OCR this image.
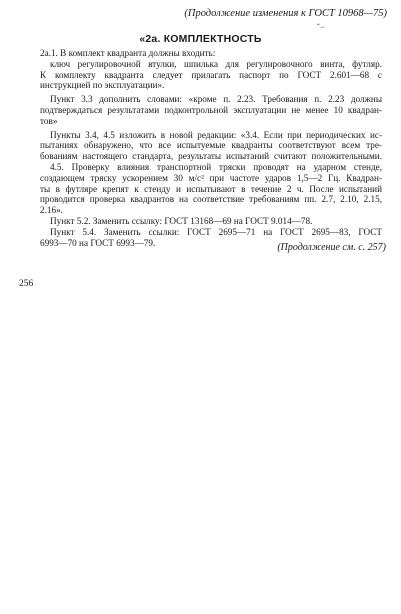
(Продолжение изменения к ГОСТ 10968—75)
ˇ−
«2а. КОМПЛЕКТНОСТЬ
2а.1. В комплект квадранта должны входить:
ключ регулировочной втулки, шпилька для регулировочного винта, футляр.
К комплекту квадранта следует прилагать паспорт по ГОСТ 2.601—68 с
инструкцией по эксплуатации».
Пункт 3.3 дополнить словами: «кроме п. 2.23. Требования п. 2.23 должны
подтверждаться результатами подконтрольной эксплуатации не менее 10 квадран-
тов»
Пункты 3.4, 4.5 изложить в новой редакции: «3.4. Если при периодических ис-
пытаниях обнаружено, что все испытуемые квадранты соответствуют всем тре-
бованиям настоящего стандарта, результаты испытаний считают положительными.
4.5. Проверку влияния транспортной тряски проводят на ударном стенде,
создающем тряску ускорением 30 м/с² при частоте ударов 1,5—2 Гц. Квадран-
ты в футляре крепят к стенду и испытывают в течение 2 ч. После испытаний
проводится проверка квадрантов на соответствие требованиям пп. 2.7, 2.10, 2.15,
2.16».
Пункт 5.2. Заменить ссылку: ГОСТ 13168—69 на ГОСТ 9.014—78.
Пункт 5.4. Заменить ссылки: ГОСТ 2695—71 на ГОСТ 2695—83, ГОСТ
6993—70 на ГОСТ 6993—79.	(Продолжение см. с. 257)
256
